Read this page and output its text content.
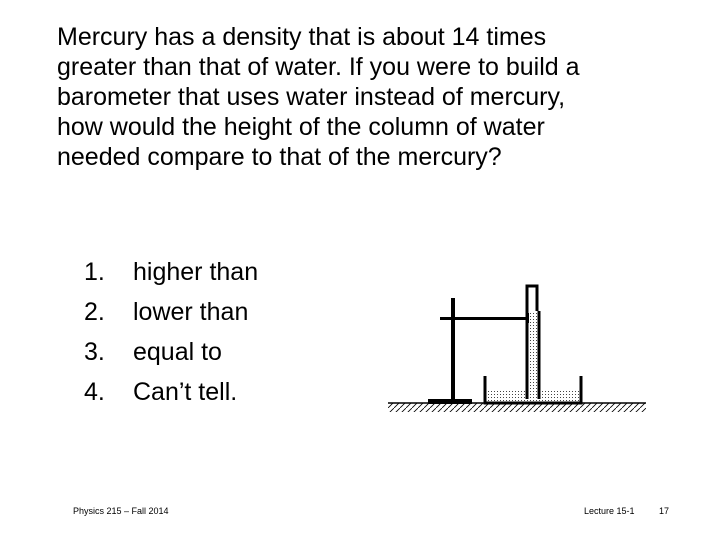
Mercury has a density that is about 14 times
greater than that of water. If you were to build a
barometer that uses water instead of mercury,
how would the height of the column of water
needed compare to that of the mercury?
1.	higher than
2.	lower than
3.	equal to
4.	Can’t tell.
Physics 215 – Fall 2014	Lecture 15-1	17
